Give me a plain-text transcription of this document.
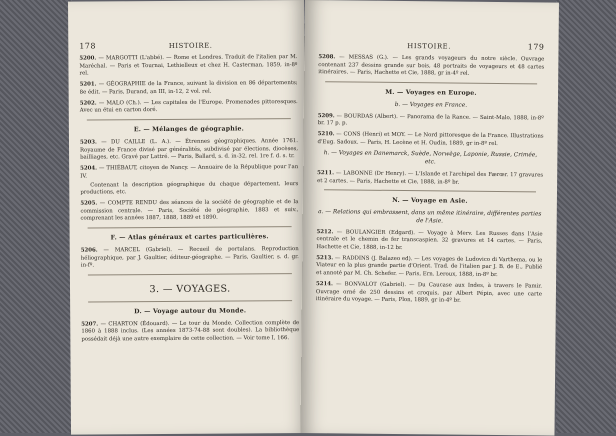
178	HISTOIRE.

5200. — MARGOTTI (L'abbé). — Rome et Londres. Traduit de l'italien par M. Maréchal. — Paris et Tournai, Lethielleux et chez H. Casterman, 1859, in-8º rel.

5201. — GÉOGRAPHIE de la France, suivant la division en 86 départements; 8e édit. — Paris, Durand, an III, in-12, 2 vol. rel.

5202. — MALO (Ch.). — Les capitales de l'Europe. Promenades pittoresques. Avec un étui en carton doré.

E. — Mélanges de géographie.

5203. — DU CAILLE (L. A.). — Étrennes géographiques. Année 1761. Royaume de France divisé par généralités, subdivisé par élections, diocèses, bailliages, etc. Gravé par Lattré. — Paris, Ballard, s. d. in-32, rel. 1re f. d. s. tr.

5204. — THIÉBAUT, citoyen de Nancy. — Annuaire de la République pour l'an IV.

Contenant la description géographique du chaque département, leurs productions, etc.

5205. — COMPTE RENDU des séances de la société de géographie et de la commission centrale. — Paris, Société de géographie, 1883 et suiv., comprenant les années 1887, 1888, 1889 et 1890.

F. — Atlas généraux et cartes particulières.

5206. — MARCEL (Gabriel). — Recueil de portulans. Reproduction héliographique, par J. Gaultier, éditeur-géographe. — Paris, Gaultier, s. d. gr. in-fº.

3. — VOYAGES.
D. — Voyage autour du Monde.

5207. — CHARTON (Édouard). — Le tour du Monde. Collection complète de 1860 à 1888 inclus. (Les années 1873-74-88 sont doubles). La bibliothèque possédait déjà une autre exemplaire de cette collection. — Voir tome I, 166.

HISTOIRE.	179

5208. — MESSAS (G.). — Les grands voyageurs du notre siècle. Ouvrage contenant 237 dessins grande sur bois, 48 portraits de voyageurs et 48 cartes itinéraires. — Paris, Hachette et Cie, 1888, gr in-4º rel.

M. — Voyages en Europe.
b. — Voyages en France.

5209. — BOURDAS (Albert). — Panorama de la Rance. — Saint-Malo, 1888, in-8º br. 17 p. p.

5210. — CONS (Henri) et MOY. — Le Nord pittoresque de la France. Illustrations d'Eug. Sadoux. — Paris, H. Lecène et H. Oudin, 1889, gr in-8º rel.

h. — Voyages en Danemarck, Suède, Norwège, Laponie, Russie, Crimée, etc.

5211. — LABONNE (Dr Henry). — L'Islande et l'archipel des Færœr. 17 gravures et 2 cartes. — Paris, Hachette et Cie, 1888, in-8º br.

N. — Voyage en Asie.
a. — Relations qui embrassent, dans un même itinéraire, différentes parties de l'Asie.

5212. — BOULANGIER (Edgard). — Voyage à Merv. Les Russes dans l'Asie centrale et le chemin de fer transcaspien. 32 gravures et 14 cartes. — Paris, Hachette et Cie, 1888, in-12 br.

5213. — RADDINS (J. Balazeo ed). — Les voyages de Ludovico di Varthema, ou le Viateur en la plus grande partie d'Orient. Trad. de l'italien par J. B. de E., Publié et annoté par M. Ch. Schefer. — Paris, Ern. Leroux, 1888, in-8º br.

5214. — BONVALOT (Gabriel). — Du Caucase aux Indes, à travers le Pamir. Ouvrage orné de 250 dessins et croquis, par Albert Pépin, avec une carte itinéraire du voyage. — Paris, Plon, 1889, gr in-4º br.
